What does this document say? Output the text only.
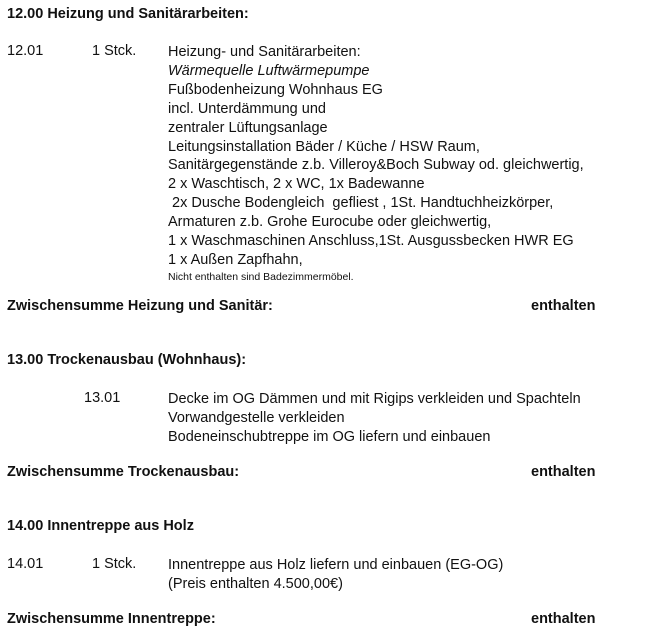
12.00 Heizung und Sanitärarbeiten:
12.01	1 Stck. Heizung- und Sanitärarbeiten:
Wärmequelle Luftwärmepumpe
Fußbodenheizung Wohnhaus EG
incl. Unterdämmung und
zentraler Lüftungsanlage
Leitungsinstallation Bäder / Küche / HSW Raum,
Sanitärgegenstände z.b. Villeroy&Boch Subway od. gleichwertig,
2 x Waschtisch, 2 x WC, 1x Badewanne
2x Dusche Bodengleich  gefliest , 1St. Handtuchheizkörper,
Armaturen z.b. Grohe Eurocube oder gleichwertig,
1 x Waschmaschinen Anschluss,1St. Ausgussbecken HWR EG
1 x Außen Zapfhahn,
Nicht enthalten sind Badezimmermöbel.
Zwischensumme Heizung und Sanitär:	enthalten
13.00 Trockenausbau (Wohnhaus):
13.01	Decke im OG Dämmen und mit Rigips verkleiden und Spachteln
Vorwandgestelle verkleiden
Bodeneinschubtreppe im OG liefern und einbauen
Zwischensumme Trockenausbau:	enthalten
14.00 Innentreppe aus Holz
14.01	1 Stck. Innentreppe aus Holz liefern und einbauen (EG-OG)
(Preis enthalten 4.500,00€)
Zwischensumme Innentreppe:	enthalten
